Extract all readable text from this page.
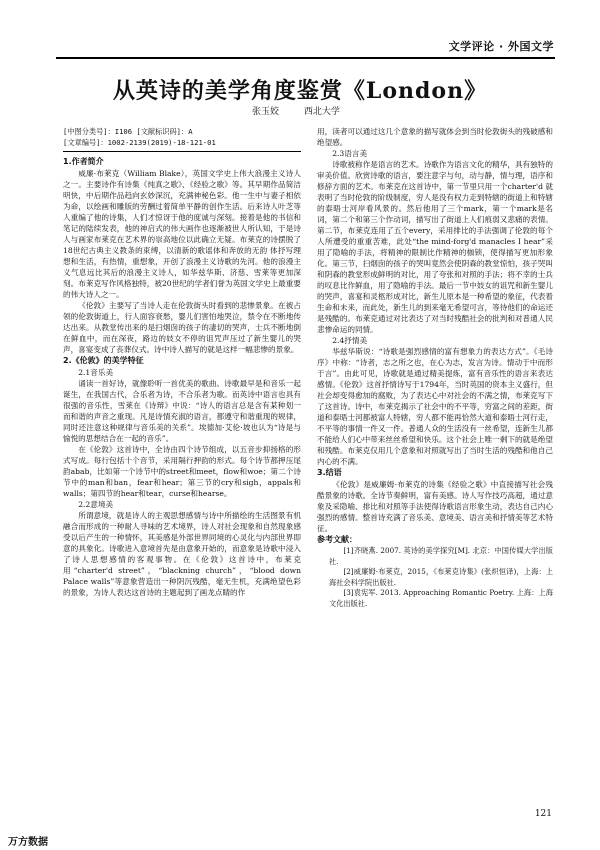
文学评论 · 外国文学
从英诗的美学角度鉴赏《London》
张玉姣	西北大学

[中图分类号]：I106 [文献标识码]：A

[文章编号]：1002-2139(2019)-18-121-01

1.作者简介

威廉·布莱克（William Blake），英国文学史上伟大浪漫主义诗人之一。主要诗作有诗集《纯真之歌》、《经验之歌》等。其早期作品简洁明快，中后期作品趋向玄妙深沉，充满神秘色彩。他一生中与妻子相依为命，以绘画和雕版的劳酬过着简单平静的创作生活。后来诗人叶芝等人重编了他的诗集，人们才惊讶于他的度诚与深刻。接着是他的书信和笔记的陆续发表，他的神启式的伟大画作也逐渐被世人所认知，于是诗人与画家布莱克在艺术界的崇高地位以此确立无疑。布莱克的诗摆脱了18世纪古典主义教条的束缚，以清新的歌谣体和奔放的无韵 体抒写理想和生活，有热情，重想象，开创了浪漫主义诗歌的先河。他的浪漫主义气息远比其后的浪漫主义诗人，如华兹华斯、济慈、雪莱等更加深刻。布莱克写作风格独特，被20世纪的学者们誉为英国文学史上最重要的伟大诗人之一。

《伦敦》主要写了当诗人走在伦敦街头时看到的悲惨景象。在被占领的伦敦街道上，行人面容衰愁，婴儿们害怕地哭泣，禁令在不断地传达出来。从教堂传出来的是扫烟囱的孩子的凄切的哭声，士兵不断地倒在鲜血中，而在深夜，路边的妓女不停的诅咒声压过了新生婴儿的哭声，喜宴变成了丧葬仪式。诗中诗人描写的就是这样一幅悲惨的景象。

2.《伦敦》的美学特征

2.1音乐美

诵读一首好诗，就像聆听一首优美的歌曲。诗歌最早是和音乐一起诞生，在我国古代，合乐者为诗，不合乐者为歌。而英诗中语言也具有很强的音乐性，雪莱在《诗辩》中说：“诗人的语言总是含有某种划一而和谐的声音之重现。凡是诗情充淑的语言，都遵守和谐重现的规律，同时还注意这种规律与音乐美的关系”。埃德加·艾伦·坡也认为“诗是与愉悦的思想结合在一起的音乐”。

在《伦敦》这首诗中，全诗由四个诗节组成，以五音步抑扬格的形式写成。每行包括十个音节，采用隔行押韵的形式。每个诗节都押压尾韵abab，比如第一个诗节中的street和meet，flow和woe；第二个诗节中的man和ban，fear和hear；第三节的cry和sigh，appals和walls；第四节的hear和tear，curse和hearse。

2.2意境美

所谓意境，就是诗人的主观思想感情与诗中所描绘的生活图景有机融合而形成的一种耐人寻味的艺术境界，诗人对社会现象和自然现象感受以后产生的一种情怀，其美感是外部世界同境的心灵化与内部世界即意的具象化。诗歌进入意境首先是由意象开始的，而意象是诗歌中浸入了诗人思想感情的客观事物。在《伦敦》这首诗中，布莱克用“charter'd street”，“blackning church”，“blood down Palace walls”等意象营造出一种阴沉残酷，毫无生机，充满绝望色彩的景象，为诗人表达这首诗的主题起到了画龙点睛的作

用，读者可以通过这几个意象的描写就体会到当时伦敦街头的残破感和绝望感。

2.3语言美

诗歌被称作是语言的艺术。诗歌作为语言文化的精华，具有独特的审美价值。欣赏诗歌的语言，要注意字与句，动与静，情与理，语序和修辞方面的艺术。布莱克在这首诗中，第一节里只用一个charter'd 就表明了当时伦敦的阶级制度，穷人是没有权力走到特辖的街道上和特辖的泰晤士河岸看风景的。然后他用了三个mark，第一个mark是名词，第二个和第三个作动词，描写出了街道上人们痕弱又悲痛的表情。 第二节，布莱克连用了五个every，采用排比的手法强调了伦敦的每个人所遭受的重重苦难，此处“the mind-forg'd manacles I hear”采用了隐喻的手法，将精神的限制比作精神的枷锁，使得描写更加形象化。第三节，扫烟囱的孩子的哭叫竟然会使阴森的教堂惊怕，孩子哭叫和阴森的教堂形成鲜明的对比，用了夸张和对照的手法；将不幸的士兵的叹息比作鲜血，用了隐喻的手法。最后一节中妓女的诅咒和新生婴儿的哭声，喜宴和灵柩形成对比，新生儿原本是一种希望的象征，代表着生命和未来，而此处，新生儿的到来毫无希望可言，等待他们的命运还是残酷的。布莱克通过对比表达了对当时残酷社会的批判和对普通人民悲惨命运的同情。

2.4抒情美

华兹华斯说：“诗歌是强烈感情的富有想象力的表达方式”。《毛诗序》中称：“诗者，志之所之也，在心为志，发言为诗。情动于中而形于言”。由此可见，诗歌就是通过精美提炼，富有音乐性的语言来表达感情。《伦敦》这首抒情诗写于1794年，当时英国的资本主义盛行，但社会却变得愈加的腐败，为了表达心中对社会的不满之情，布莱克写下了这首诗。诗中，布莱克揭示了社会中的不平等，穷富之间的差距，街道和泰晤士河都被富人特辖，穷人都不能再恰然大道和泰晤士河行走，不平等的事情一件又一件。普通人众的生活没有一丝希望，连新生儿都不能给人们心中带来丝丝希望和快乐。这个社会上唯一剩下的就是绝望和残酷。布莱克仅用几个意象和对照就写出了当时生活的残酷和他自己内心的不满。

3.结语

《伦敦》是威廉姆·布莱克的诗集《经验之歌》中直接描写社会残酷景象的诗歌。全诗节奏鲜明，富有美感。诗人写作技巧高超，通过意象及采隐喻、排比和对照等手法使得诗歌语言形象生动，表达自己内心强烈的感情。整首诗充满了音乐美、意境美、语言美和抒情美等艺术特征。

参考文献：

[1]齐晓燕. 2007. 英诗的美学探究[M]. 北京：中国传媒大学出版社.

[2]威廉姆·布莱克，2015，《布莱克诗集》(张炽恒译)，上海：上海社会科学院出版社.

[3]袁宪军. 2013. Approaching Romantic Poetry. 上海：上海文化出版社.

121
万方数据
